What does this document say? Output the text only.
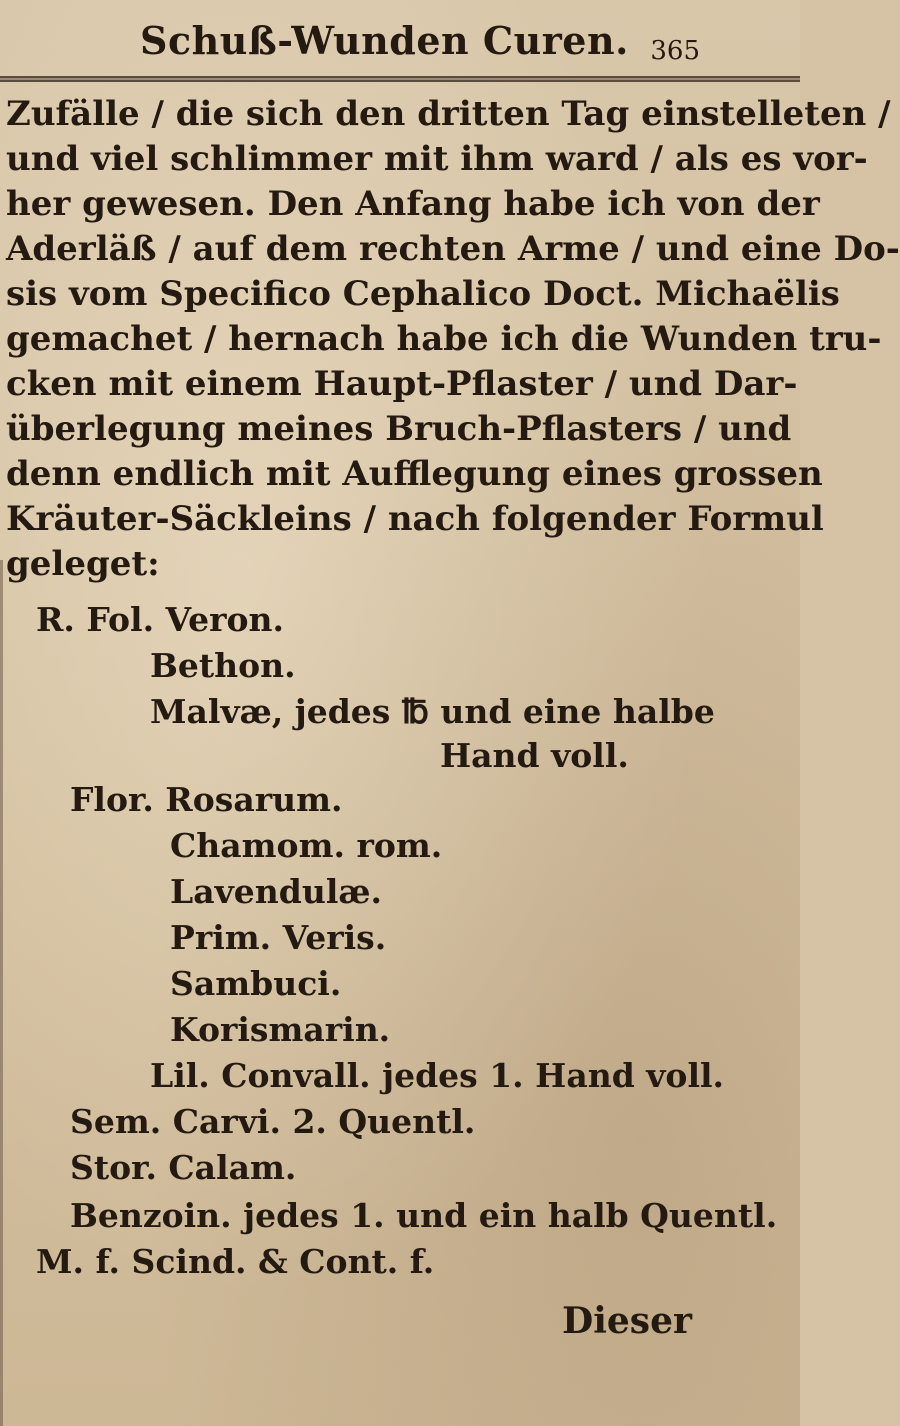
Schuß-Wunden Curen. 365
Zufälle / die sich den dritten Tag einstelleten /
und viel schlimmer mit ihm ward / als es vor-
her gewesen. Den Anfang habe ich von der
Aderläß / auf dem rechten Arme / und eine Do-
sis vom Specifico Cephalico Doct. Michaëlis
gemachet / hernach habe ich die Wunden tru-
cken mit einem Haupt-Pflaster / und Dar-
überlegung meines Bruch-Pflasters / und
denn endlich mit Aufflegung eines grossen
Kräuter-Säckleins / nach folgender Formul
geleget:
R. Fol. Veron.
Bethon.
Malvæ, jedes ℔ und eine halbe
Hand voll.
Flor. Rosarum.
Chamom. rom.
Lavendulæ.
Prim. Veris.
Sambuci.
Korismarin.
Lil. Convall. jedes 1. Hand voll.
Sem. Carvi. 2. Quentl.
Stor. Calam.
Benzoin. jedes 1. und ein halb Quentl.
M. f. Scind. & Cont. f.
Dieser
